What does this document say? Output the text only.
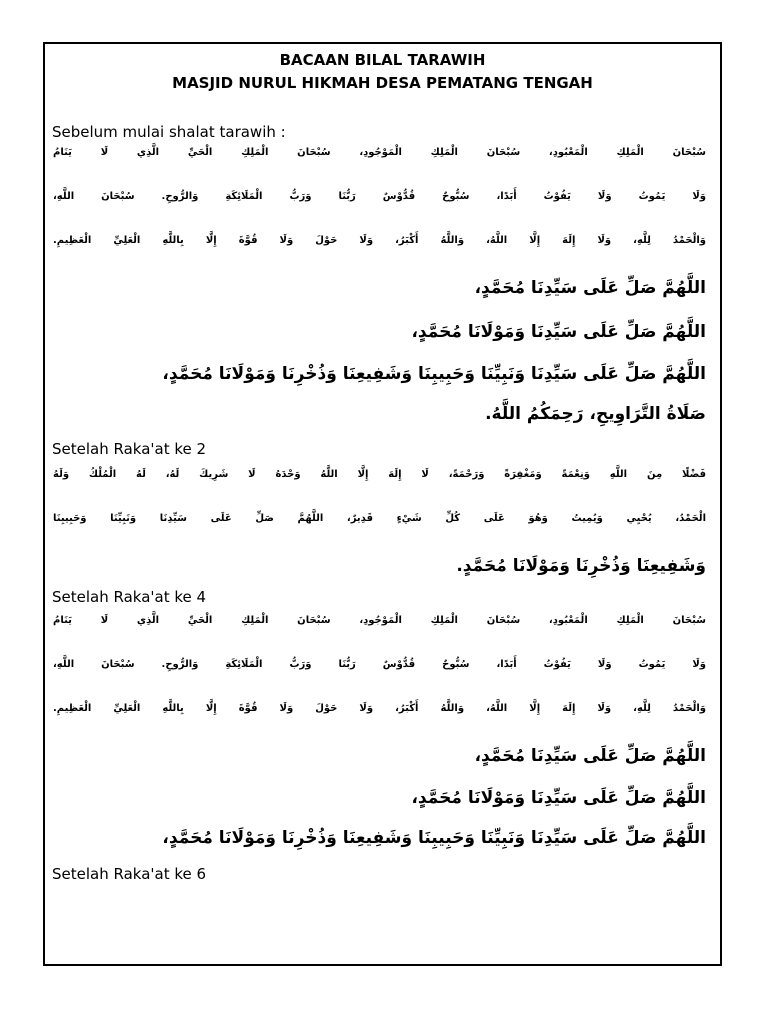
BACAAN BILAL TARAWIH
MASJID NURUL HIKMAH DESA PEMATANG TENGAH
Sebelum mulai shalat tarawih :
سُبْحَانَ الْمَلِكِ الْمَعْبُودِ، سُبْحَانَ الْمَلِكِ الْمَوْجُودِ، سُبْحَانَ الْمَلِكِ الْحَيِّ الَّذِي لَا يَنَامُ
وَلَا يَمُوتُ وَلَا يَفُوْتُ أَبَدًا، سُبُّوحٌ قُدُّوْسٌ رَبُّنَا وَرَبُّ الْمَلَائِكَةِ وَالرُّوحِ. سُبْحَانَ اللَّهِ،
وَالْحَمْدُ لِلَّهِ، وَلَا إِلَهَ إِلَّا اللَّهُ، وَاللَّهُ أَكْبَرُ، وَلَا حَوْلَ وَلَا قُوَّةَ إِلَّا بِاللَّهِ الْعَلِيِّ الْعَظِيمِ.
اللَّهُمَّ صَلِّ عَلَى سَيِّدِنَا مُحَمَّدٍ،
اللَّهُمَّ صَلِّ عَلَى سَيِّدِنَا وَمَوْلَانَا مُحَمَّدٍ،
اللَّهُمَّ صَلِّ عَلَى سَيِّدِنَا وَنَبِيِّنَا وَحَبِيبِنَا وَشَفِيعِنَا وَذُخْرِنَا وَمَوْلَانَا مُحَمَّدٍ،
صَلَاةُ التَّرَاوِيحِ، رَحِمَكُمُ اللَّهُ.
Setelah Raka'at ke 2
فَضْلًا مِنَ اللَّهِ وَنِعْمَةً وَمَغْفِرَةً وَرَحْمَةً، لَا إِلَهَ إِلَّا اللَّهُ وَحْدَهُ لَا شَرِيكَ لَهُ، لَهُ الْمُلْكُ وَلَهُ
الْحَمْدُ، يُحْيِي وَيُمِيتُ وَهُوَ عَلَى كُلِّ شَيْءٍ قَدِيرٌ، اللَّهُمَّ صَلِّ عَلَى سَيِّدِنَا وَنَبِيِّنَا وَحَبِيبِنَا
وَشَفِيعِنَا وَذُخْرِنَا وَمَوْلَانَا مُحَمَّدٍ.
Setelah Raka'at ke 4
سُبْحَانَ الْمَلِكِ الْمَعْبُودِ، سُبْحَانَ الْمَلِكِ الْمَوْجُودِ، سُبْحَانَ الْمَلِكِ الْحَيِّ الَّذِي لَا يَنَامُ
وَلَا يَمُوتُ وَلَا يَفُوْتُ أَبَدًا، سُبُّوحٌ قُدُّوْسٌ رَبُّنَا وَرَبُّ الْمَلَائِكَةِ وَالرُّوحِ. سُبْحَانَ اللَّهِ،
وَالْحَمْدُ لِلَّهِ، وَلَا إِلَهَ إِلَّا اللَّهُ، وَاللَّهُ أَكْبَرُ، وَلَا حَوْلَ وَلَا قُوَّةَ إِلَّا بِاللَّهِ الْعَلِيِّ الْعَظِيمِ.
اللَّهُمَّ صَلِّ عَلَى سَيِّدِنَا مُحَمَّدٍ،
اللَّهُمَّ صَلِّ عَلَى سَيِّدِنَا وَمَوْلَانَا مُحَمَّدٍ،
اللَّهُمَّ صَلِّ عَلَى سَيِّدِنَا وَنَبِيِّنَا وَحَبِيبِنَا وَشَفِيعِنَا وَذُخْرِنَا وَمَوْلَانَا مُحَمَّدٍ،
Setelah Raka'at ke 6
